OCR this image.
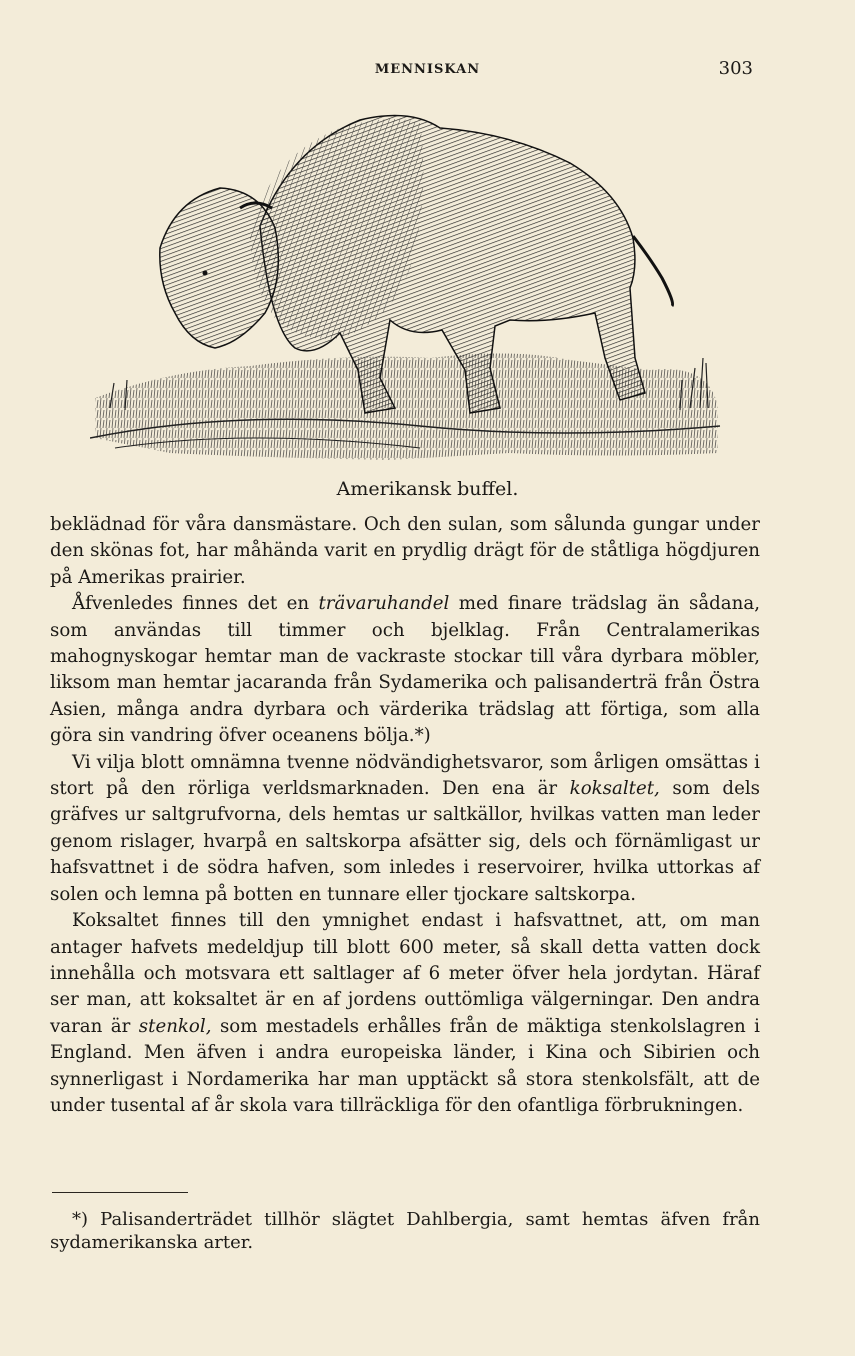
MENNISKAN	303
Amerikansk buffel.

beklädnad för våra dansmästare. Och den sulan, som sålunda gungar under den skönas fot, har måhända varit en prydlig drägt för de ståtliga högdjuren på Amerikas prairier.

Åfvenledes finnes det en trävaruhandel med finare trädslag än sådana, som användas till timmer och bjelklag. Från Centralamerikas mahognyskogar hemtar man de vackraste stockar till våra dyrbara möbler, liksom man hemtar jacaranda från Sydamerika och palisanderträ från Östra Asien, många andra dyrbara och värderika trädslag att förtiga, som alla göra sin vandring öfver oceanens bölja.*)

Vi vilja blott omnämna tvenne nödvändighetsvaror, som årligen omsättas i stort på den rörliga verldsmarknaden. Den ena är koksaltet, som dels gräfves ur saltgrufvorna, dels hemtas ur saltkällor, hvilkas vatten man leder genom rislager, hvarpå en saltskorpa afsätter sig, dels och förnämligast ur hafsvattnet i de södra hafven, som inledes i reservoirer, hvilka uttorkas af solen och lemna på botten en tunnare eller tjockare saltskorpa.

Koksaltet finnes till den ymnighet endast i hafsvattnet, att, om man antager hafvets medeldjup till blott 600 meter, så skall detta vatten dock innehålla och motsvara ett saltlager af 6 meter öfver hela jordytan. Häraf ser man, att koksaltet är en af jordens outtömliga välgerningar. Den andra varan är stenkol, som mestadels erhålles från de mäktiga stenkolslagren i England. Men äfven i andra europeiska länder, i Kina och Sibirien och synnerligast i Nordamerika har man upptäckt så stora stenkolsfält, att de under tusental af år skola vara tillräckliga för den ofantliga förbrukningen.

*) Palisanderträdet tillhör slägtet Dahlbergia, samt hemtas äfven från sydamerikanska arter.
